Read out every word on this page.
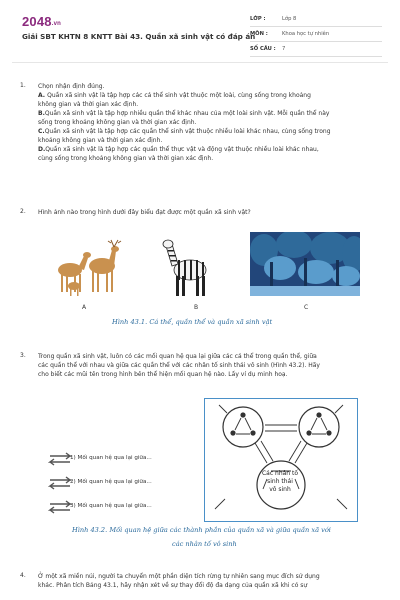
2048.vn
Giải SBT KHTN 8 KNTT Bài 43. Quần xã sinh vật có đáp án
LỚP :	Lớp 8
MÔN :	Khoa học tự nhiên
SỐ CÂU :	7
1. Chọn nhận định đúng.
A. Quần xã sinh vật là tập hợp các cá thể sinh vật thuộc một loài, cùng sống trong khoảng
không gian và thời gian xác định.
B.Quần xã sinh vật là tập hợp nhiều quần thể khác nhau của một loài sinh vật. Mỗi quần thể này
sống trong khoảng không gian và thời gian xác định.
C.Quần xã sinh vật là tập hợp các quần thể sinh vật thuộc nhiều loài khác nhau, cùng sống trong
khoảng không gian và thời gian xác định.
D.Quần xã sinh vật là tập hợp các quần thể thực vật và động vật thuộc nhiều loài khác nhau,
cùng sống trong khoảng không gian và thời gian xác định.
2. Hình ảnh nào trong hình dưới đây biểu đạt được một quần xã sinh vật?
A	B	C
Hình 43.1. Cá thể, quần thể và quần xã sinh vật
3. Trong quần xã sinh vật, luôn có các mối quan hệ qua lại giữa các cá thể trong quần thể, giữa
các quần thể với nhau và giữa các quần thể với các nhân tố sinh thái vô sinh (Hình 43.2). Hãy
cho biết các mũi tên trong hình bên thể hiện mối quan hệ nào. Lấy ví dụ minh hoạ.
1) Mối quan hệ qua lại giữa...
2) Mối quan hệ qua lại giữa...
3) Mối quan hệ qua lại giữa...
Các nhân tố
sinh thái
vô sinh
Hình 43.2. Mối quan hệ giữa các thành phần của quần xã và giữa quần xã với
các nhân tố vô sinh
4. Ở một xã miền núi, người ta chuyển một phần diện tích rừng tự nhiên sang mục đích sử dụng
khác. Phân tích Bảng 43.1, hãy nhận xét về sự thay đổi độ đa dạng của quần xã khi có sự
